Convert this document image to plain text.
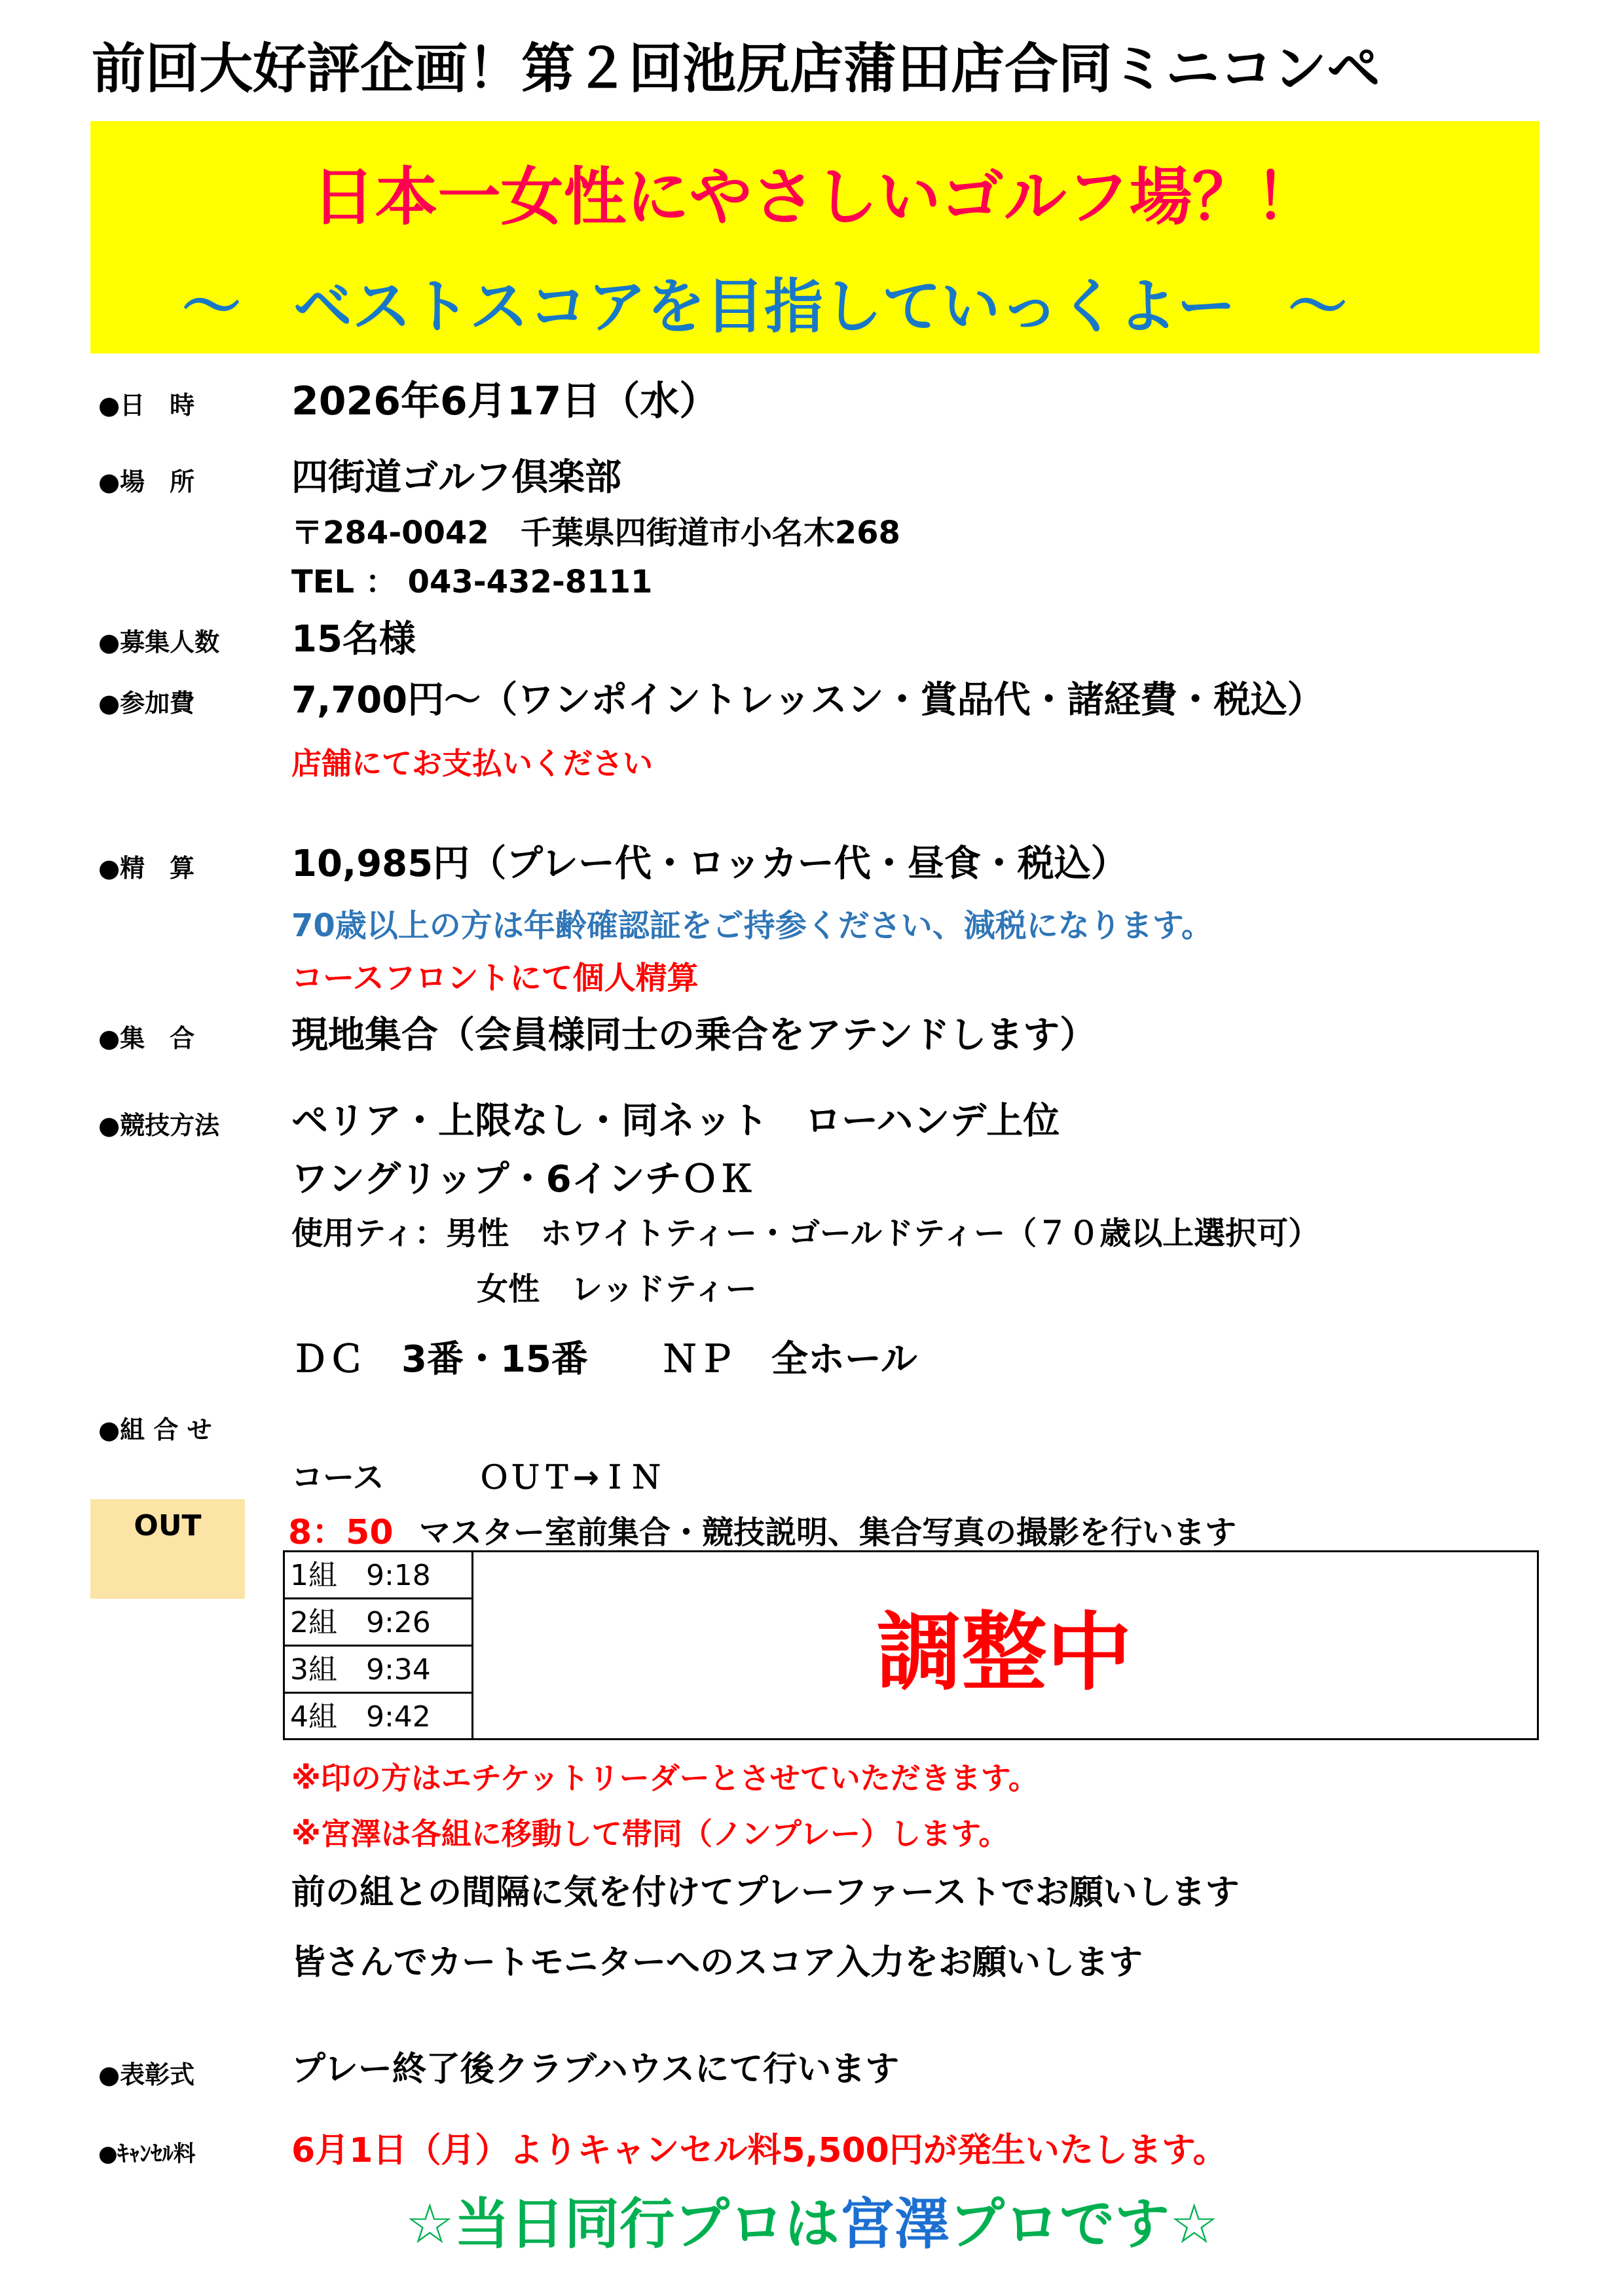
前回大好評企画！第２回池尻店蒲田店合同ミニコンペ
日本一女性にやさしいゴルフ場？！
～ ベストスコアを目指していっくよー ～
●日　時 2026年6月17日（水）
●場　所	四街道ゴルフ倶楽部
〒284-0042　千葉県四街道市小名木268
TEL ： 043-432-8111
●募集人数 15名様
●参加費	7,700円～（ワンポイントレッスン・賞品代・諸経費・税込）
店舗にてお支払いください
●精　算	10,985円（プレー代・ロッカー代・昼食・税込）
70歳以上の方は年齢確認証をご持参ください、減税になります。
コースフロントにて個人精算
●集　合	現地集合（会員様同士の乗合をアテンドします）
●競技方法 ペリア・上限なし・同ネット　ローハンデ上位
ワングリップ・6インチＯＫ
使用ティ：男性　ホワイトティー・ゴールドティー（７０歳以上選択可）
女性　レッドティー
ＤＣ　3番・15番　　ＮＰ　全ホール
●組 合 せ
コース　　　ＯＵＴ→ＩＮ
OUT	8：50 マスター室前集合・競技説明、集合写真の撮影を行います
1組　9:18
2組　9:26
3組　9:34
4組　9:42
調整中
※印の方はエチケットリーダーとさせていただきます。
※宮澤は各組に移動して帯同（ノンプレー）します。
前の組との間隔に気を付けてプレーファーストでお願いします
皆さんでカートモニターへのスコア入力をお願いします
●表彰式	プレー終了後クラブハウスにて行います
●ｷｬﾝｾﾙ料	6月1日（月）よりキャンセル料5,500円が発生いたします。
☆当日同行プロは宮澤プロです☆
